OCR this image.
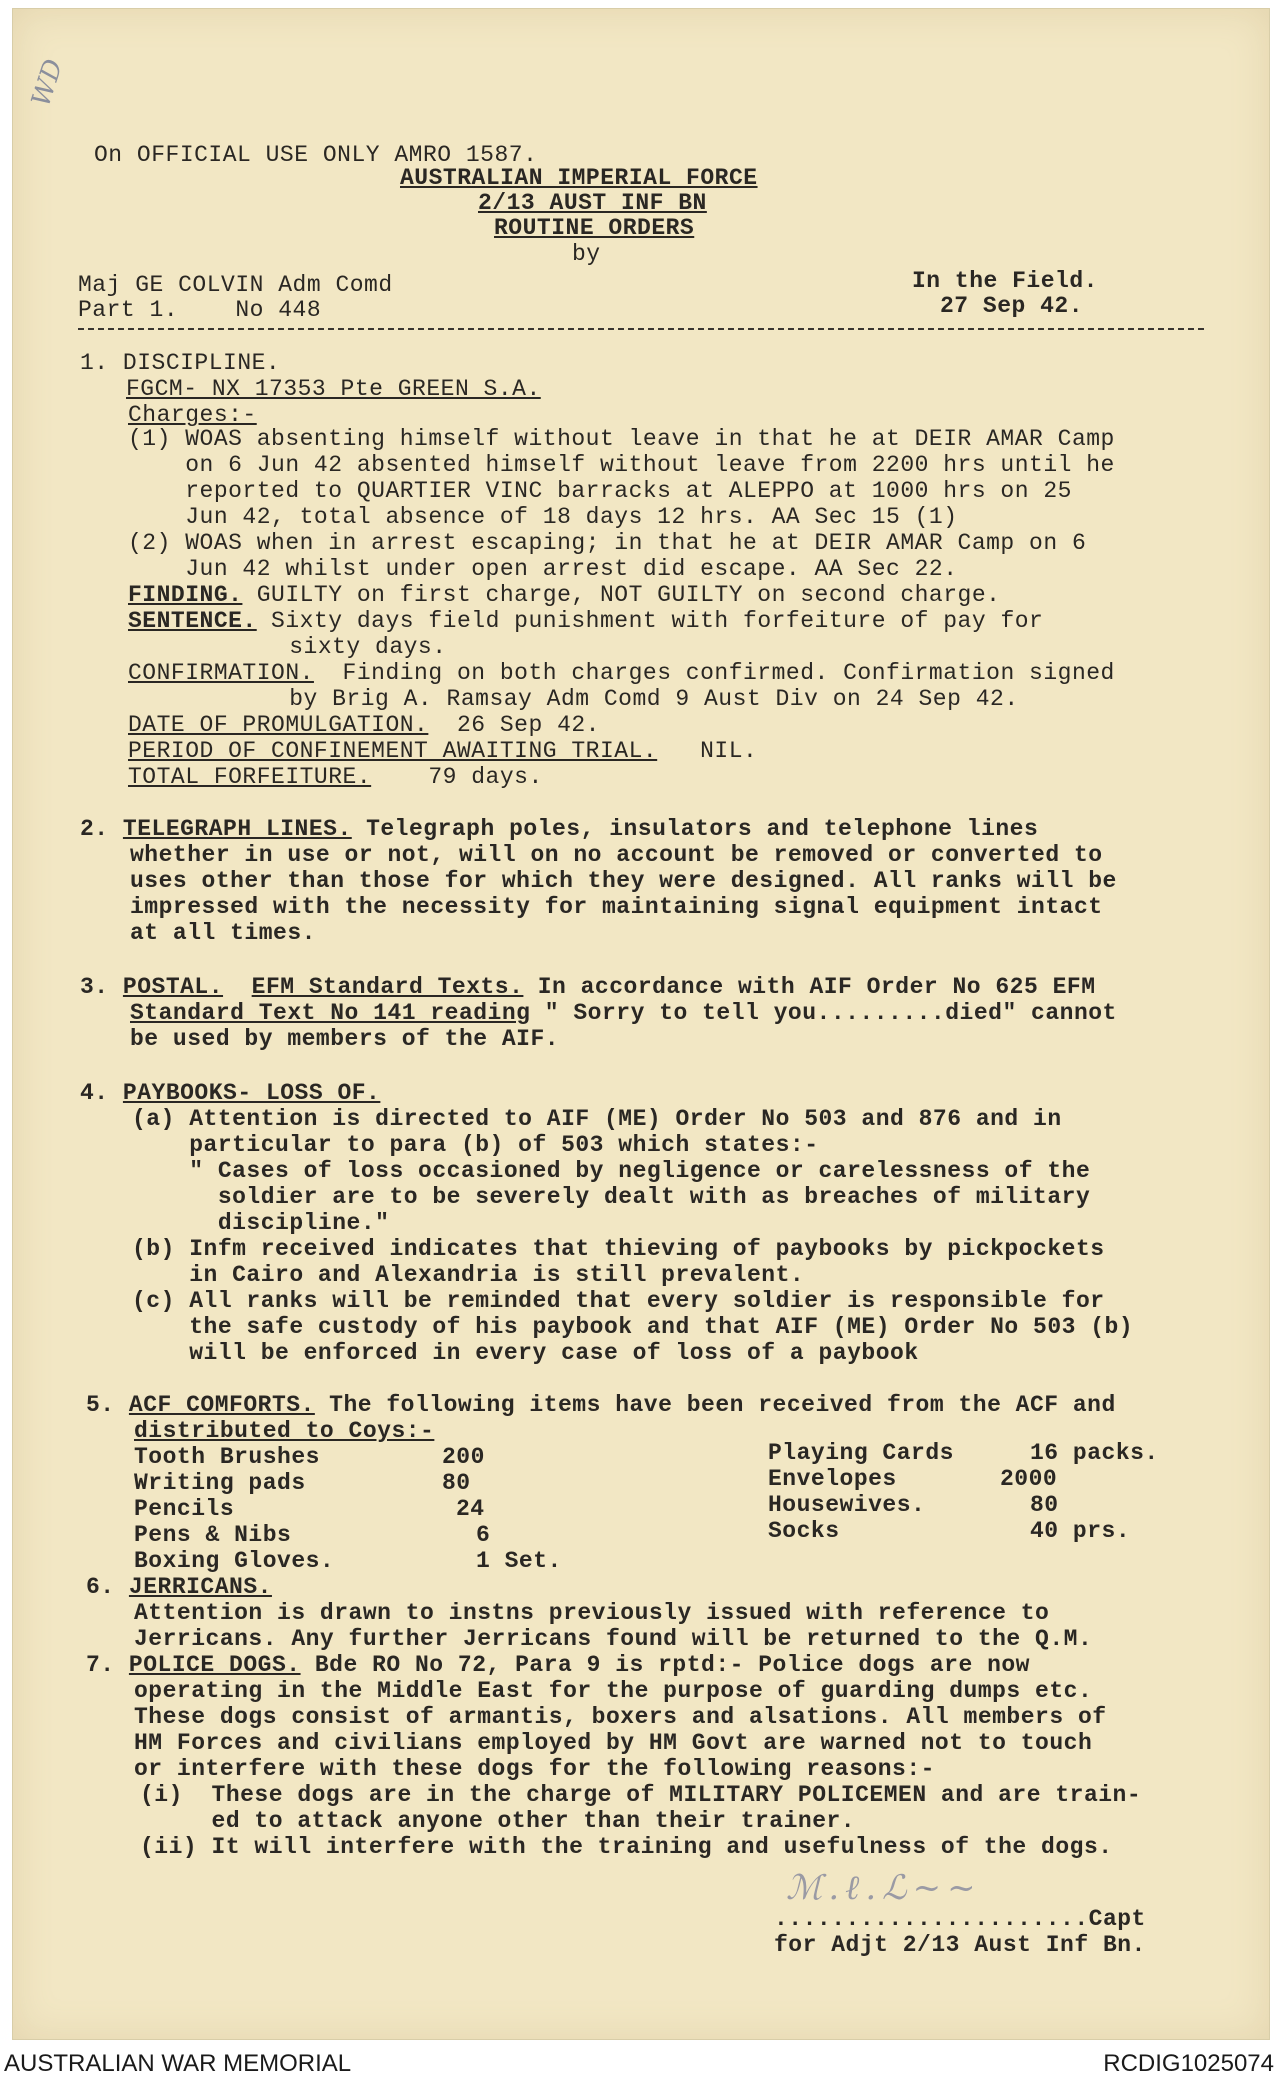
WD
On OFFICIAL USE ONLY AMRO 1587.
AUSTRALIAN IMPERIAL FORCE
2/13 AUST INF BN
ROUTINE ORDERS
by
Maj GE COLVIN Adm Comd
Part 1.    No 448
In the Field.
27 Sep 42.
1. DISCIPLINE.
FGCM- NX 17353 Pte GREEN S.A.
Charges:-
(1) WOAS absenting himself without leave in that he at DEIR AMAR Camp
on 6 Jun 42 absented himself without leave from 2200 hrs until he
reported to QUARTIER VINC barracks at ALEPPO at 1000 hrs on 25
Jun 42, total absence of 18 days 12 hrs. AA Sec 15 (1)
(2) WOAS when in arrest escaping; in that he at DEIR AMAR Camp on 6
Jun 42 whilst under open arrest did escape. AA Sec 22.
FINDING. GUILTY on first charge, NOT GUILTY on second charge.
SENTENCE. Sixty days field punishment with forfeiture of pay for
sixty days.
CONFIRMATION.  Finding on both charges confirmed. Confirmation signed
by Brig A. Ramsay Adm Comd 9 Aust Div on 24 Sep 42.
DATE OF PROMULGATION.  26 Sep 42.
PERIOD OF CONFINEMENT AWAITING TRIAL.   NIL.
TOTAL FORFEITURE.    79 days.
2. TELEGRAPH LINES. Telegraph poles, insulators and telephone lines
whether in use or not, will on no account be removed or converted to
uses other than those for which they were designed. All ranks will be
impressed with the necessity for maintaining signal equipment intact
at all times.
3. POSTAL. EFM Standard Texts. In accordance with AIF Order No 625 EFM
Standard Text No 141 reading " Sorry to tell you.........died" cannot
be used by members of the AIF.
4. PAYBOOKS- LOSS OF.
(a) Attention is directed to AIF (ME) Order No 503 and 876 and in
particular to para (b) of 503 which states:-
" Cases of loss occasioned by negligence or carelessness of the
soldier are to be severely dealt with as breaches of military
discipline."
(b) Infm received indicates that thieving of paybooks by pickpockets
in Cairo and Alexandria is still prevalent.
(c) All ranks will be reminded that every soldier is responsible for
the safe custody of his paybook and that AIF (ME) Order No 503 (b)
will be enforced in every case of loss of a paybook
5. ACF COMFORTS. The following items have been received from the ACF and
distributed to Coys:-
Tooth Brushes	200
Writing pads	80
Pencils	24
Pens & Nibs	6
Boxing Gloves.	1 Set.
Playing Cards	16 packs.
Envelopes	2000
Housewives.	80
Socks	40 prs.
6. JERRICANS.
Attention is drawn to instns previously issued with reference to
Jerricans. Any further Jerricans found will be returned to the Q.M.
7. POLICE DOGS. Bde RO No 72, Para 9 is rptd:- Police dogs are now
operating in the Middle East for the purpose of guarding dumps etc.
These dogs consist of armantis, boxers and alsations. All members of
HM Forces and civilians employed by HM Govt are warned not to touch
or interfere with these dogs for the following reasons:-
(i)  These dogs are in the charge of MILITARY POLICEMEN and are train-
ed to attack anyone other than their trainer.
(ii) It will interfere with the training and usefulness of the dogs.
ℳ.ℓ.ℒ~~
......................Capt
for Adjt 2/13 Aust Inf Bn.
AUSTRALIAN WAR MEMORIAL	RCDIG1025074
